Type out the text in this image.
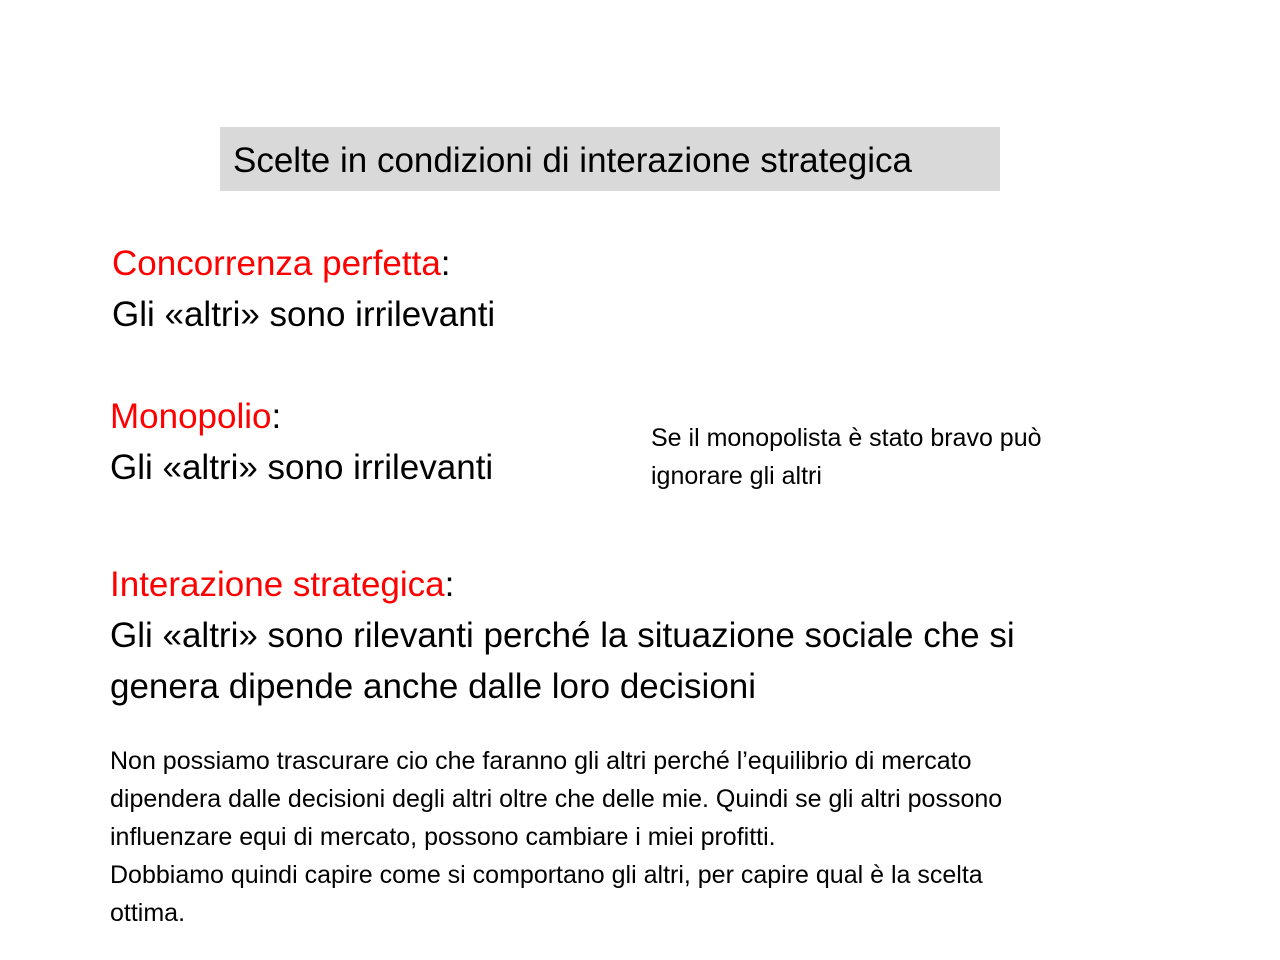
Scelte in condizioni di interazione strategica
Concorrenza perfetta:
Gli «altri» sono irrilevanti
Monopolio:
Gli «altri» sono irrilevanti
Se il monopolista è stato bravo può
ignorare gli altri
Interazione strategica:
Gli «altri» sono rilevanti perché la situazione sociale che si
genera dipende anche dalle loro decisioni
Non possiamo trascurare cio che faranno gli altri perché l’equilibrio di mercato
dipendera dalle decisioni degli altri oltre che delle mie. Quindi se gli altri possono
influenzare equi di mercato, possono cambiare i miei profitti.
Dobbiamo quindi capire come si comportano gli altri, per capire qual è la scelta
ottima.
